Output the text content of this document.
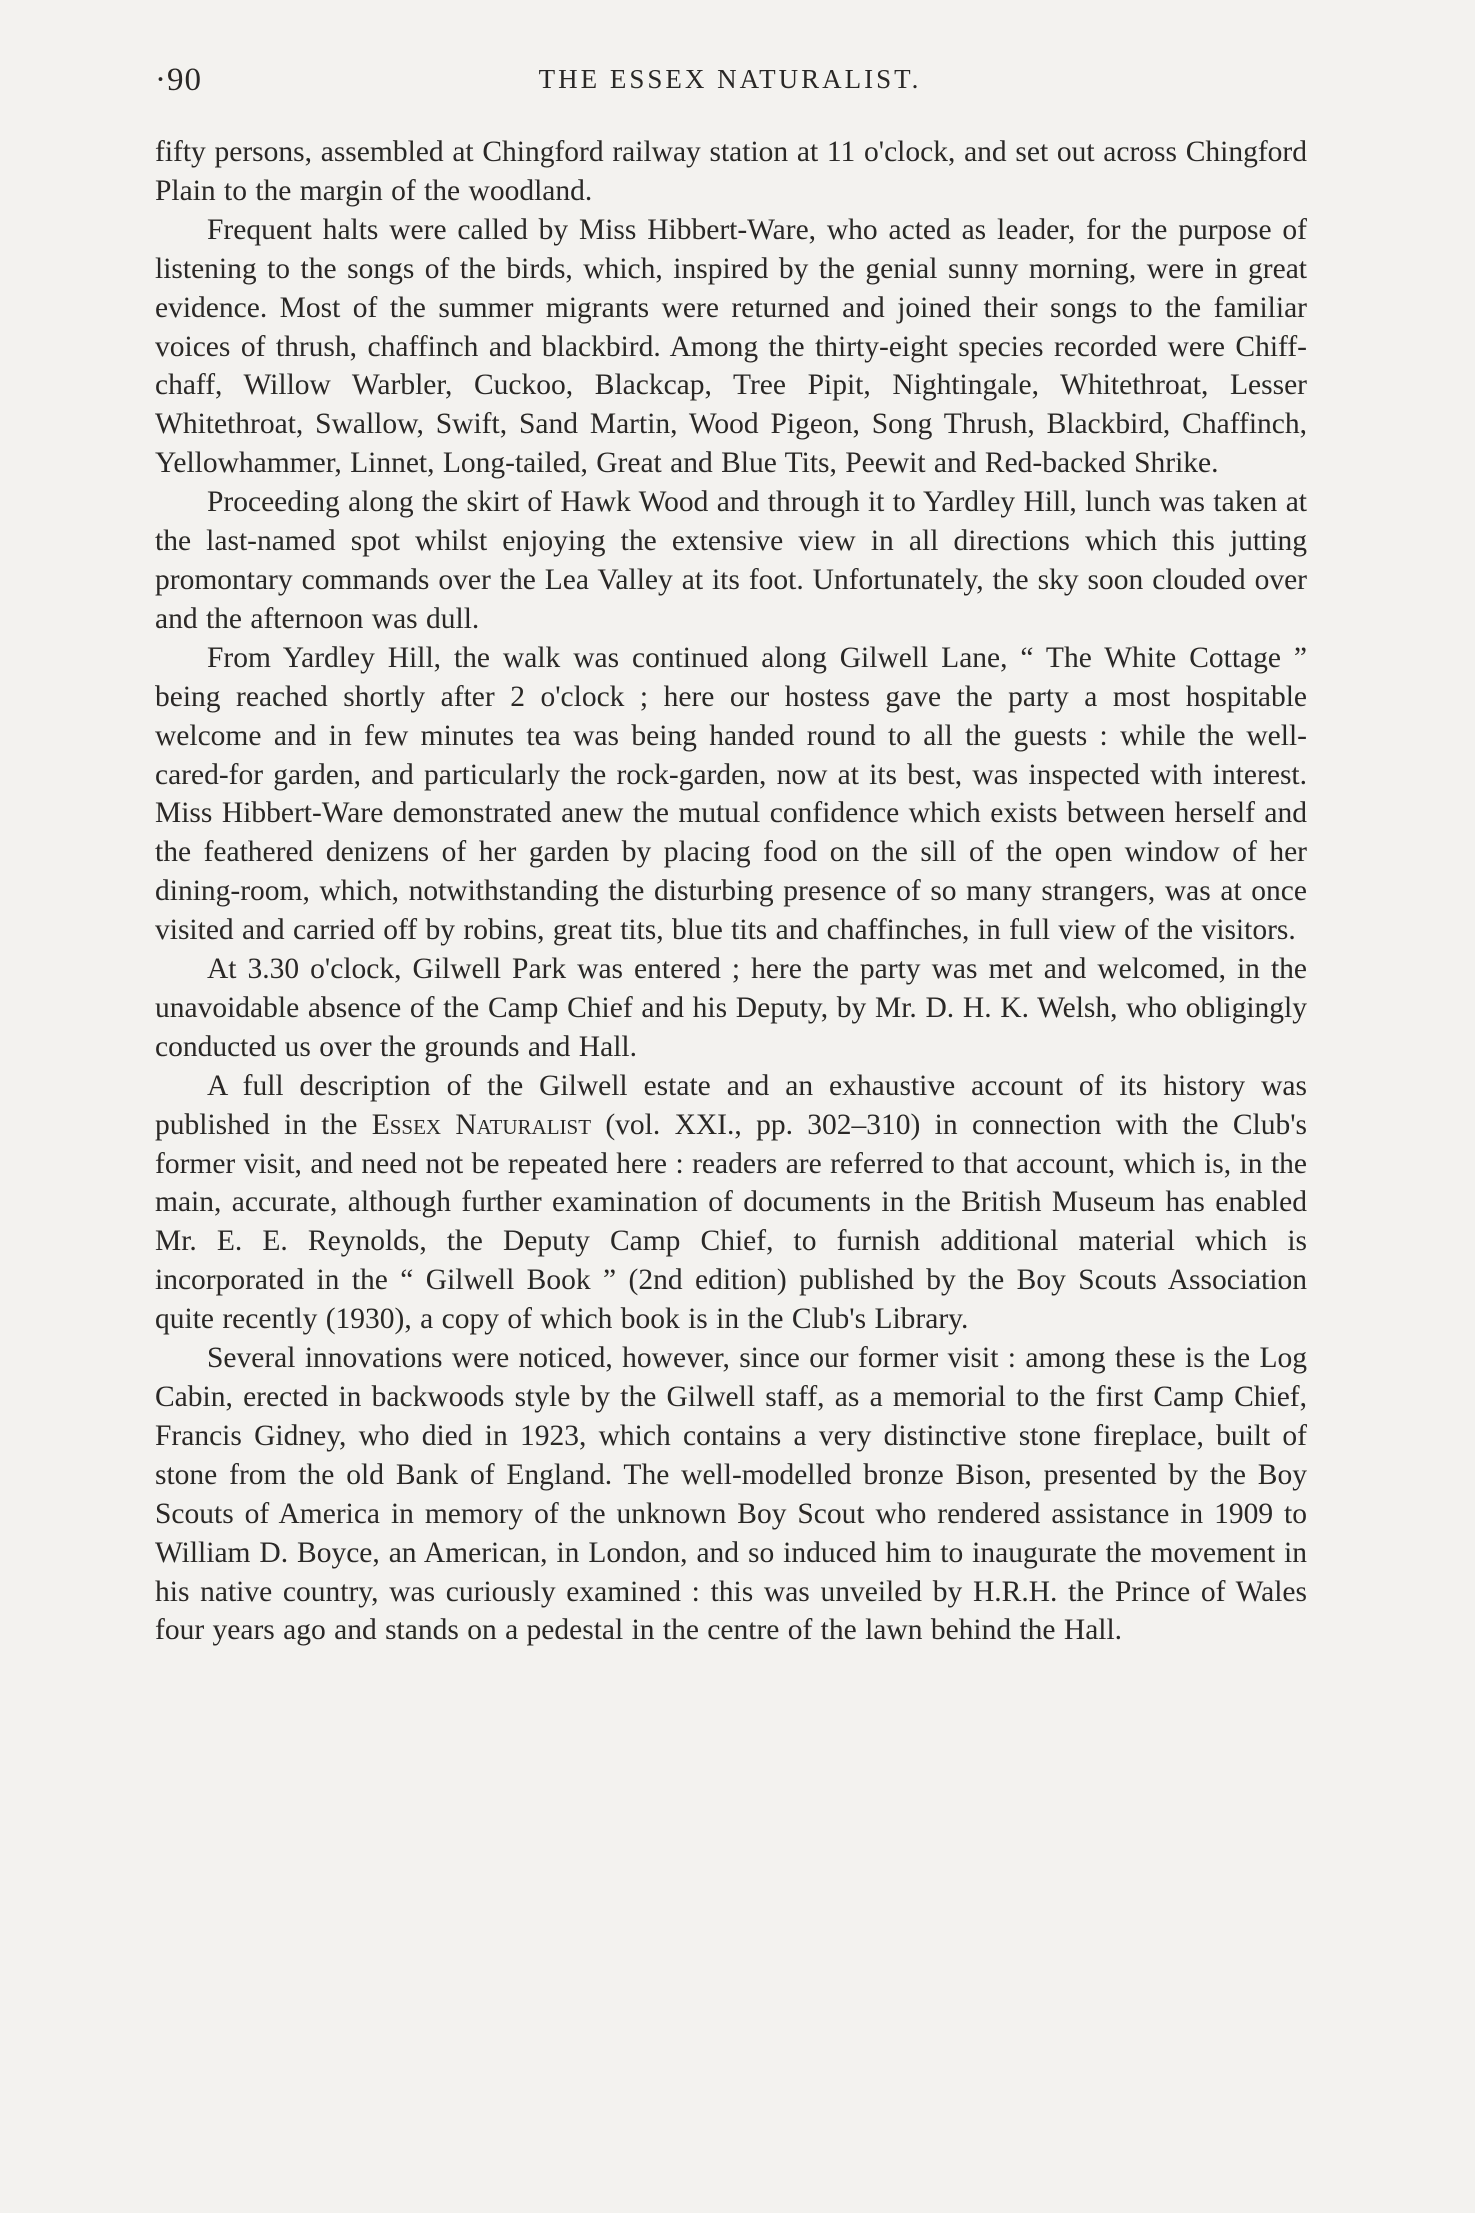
·90	THE ESSEX NATURALIST.

fifty persons, assembled at Chingford railway station at 11 o'clock, and set out across Chingford Plain to the margin of the woodland.

Frequent halts were called by Miss Hibbert-Ware, who acted as leader, for the purpose of listening to the songs of the birds, which, inspired by the genial sunny morning, were in great evidence. Most of the summer migrants were returned and joined their songs to the familiar voices of thrush, chaffinch and blackbird. Among the thirty-eight species recorded were Chiff-chaff, Willow Warbler, Cuckoo, Blackcap, Tree Pipit, Nightingale, Whitethroat, Lesser Whitethroat, Swallow, Swift, Sand Martin, Wood Pigeon, Song Thrush, Blackbird, Chaffinch, Yellowhammer, Linnet, Long-tailed, Great and Blue Tits, Peewit and Red-backed Shrike.

Proceeding along the skirt of Hawk Wood and through it to Yardley Hill, lunch was taken at the last-named spot whilst enjoying the extensive view in all directions which this jutting promontary commands over the Lea Valley at its foot. Unfortunately, the sky soon clouded over and the afternoon was dull.

From Yardley Hill, the walk was continued along Gilwell Lane, “ The White Cottage ” being reached shortly after 2 o'clock ; here our hostess gave the party a most hospitable welcome and in few minutes tea was being handed round to all the guests : while the well-cared-for garden, and particularly the rock-garden, now at its best, was inspected with interest. Miss Hibbert-Ware demonstrated anew the mutual confidence which exists between herself and the feathered denizens of her garden by placing food on the sill of the open window of her dining-room, which, notwithstanding the disturbing presence of so many strangers, was at once visited and carried off by robins, great tits, blue tits and chaffinches, in full view of the visitors.

At 3.30 o'clock, Gilwell Park was entered ; here the party was met and welcomed, in the unavoidable absence of the Camp Chief and his Deputy, by Mr. D. H. K. Welsh, who obligingly conducted us over the grounds and Hall.

A full description of the Gilwell estate and an exhaustive account of its history was published in the Essex Naturalist (vol. XXI., pp. 302–310) in connection with the Club's former visit, and need not be repeated here : readers are referred to that account, which is, in the main, accurate, although further examination of documents in the British Museum has enabled Mr. E. E. Reynolds, the Deputy Camp Chief, to furnish additional material which is incorporated in the “ Gilwell Book ” (2nd edition) published by the Boy Scouts Association quite recently (1930), a copy of which book is in the Club's Library.

Several innovations were noticed, however, since our former visit : among these is the Log Cabin, erected in backwoods style by the Gilwell staff, as a memorial to the first Camp Chief, Francis Gidney, who died in 1923, which contains a very distinctive stone fireplace, built of stone from the old Bank of England. The well-modelled bronze Bison, presented by the Boy Scouts of America in memory of the unknown Boy Scout who rendered assistance in 1909 to William D. Boyce, an American, in London, and so induced him to inaugurate the movement in his native country, was curiously examined : this was unveiled by H.R.H. the Prince of Wales four years ago and stands on a pedestal in the centre of the lawn behind the Hall.
